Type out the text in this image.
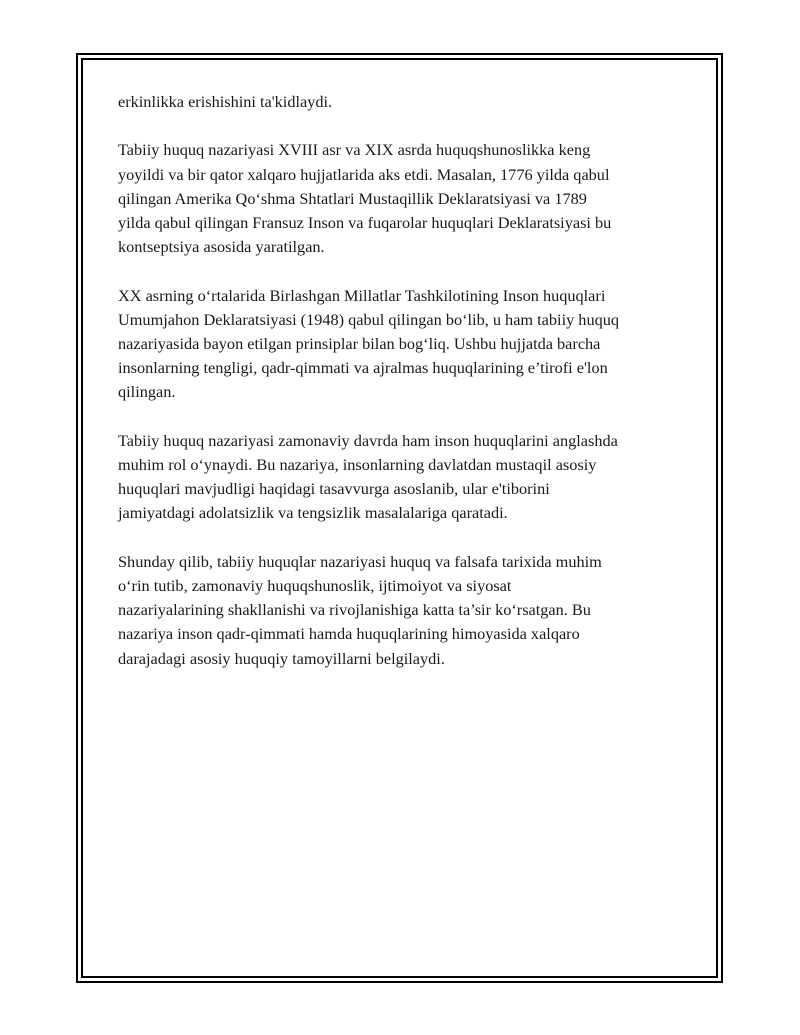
erkinlikka erishishini ta'kidlaydi.

Tabiiy huquq nazariyasi XVIII asr va XIX asrda huquqshunoslikka keng
yoyildi va bir qator xalqaro hujjatlarida aks etdi. Masalan, 1776 yilda qabul
qilingan Amerika Qoʻshma Shtatlari Mustaqillik Deklaratsiyasi va 1789
yilda qabul qilingan Fransuz Inson va fuqarolar huquqlari Deklaratsiyasi bu
kontseptsiya asosida yaratilgan.

XX asrning oʻrtalarida Birlashgan Millatlar Tashkilotining Inson huquqlari
Umumjahon Deklaratsiyasi (1948) qabul qilingan boʻlib, u ham tabiiy huquq
nazariyasida bayon etilgan prinsiplar bilan bogʻliq. Ushbu hujjatda barcha
insonlarning tengligi, qadr-qimmati va ajralmas huquqlarining e’tirofi e'lon
qilingan.

Tabiiy huquq nazariyasi zamonaviy davrda ham inson huquqlarini anglashda
muhim rol oʻynaydi. Bu nazariya, insonlarning davlatdan mustaqil asosiy
huquqlari mavjudligi haqidagi tasavvurga asoslanib, ular e'tiborini
jamiyatdagi adolatsizlik va tengsizlik masalalariga qaratadi.

Shunday qilib, tabiiy huquqlar nazariyasi huquq va falsafa tarixida muhim
oʻrin tutib, zamonaviy huquqshunoslik, ijtimoiyot va siyosat
nazariyalarining shakllanishi va rivojlanishiga katta ta’sir koʻrsatgan. Bu
nazariya inson qadr-qimmati hamda huquqlarining himoyasida xalqaro
darajadagi asosiy huquqiy tamoyillarni belgilaydi.
